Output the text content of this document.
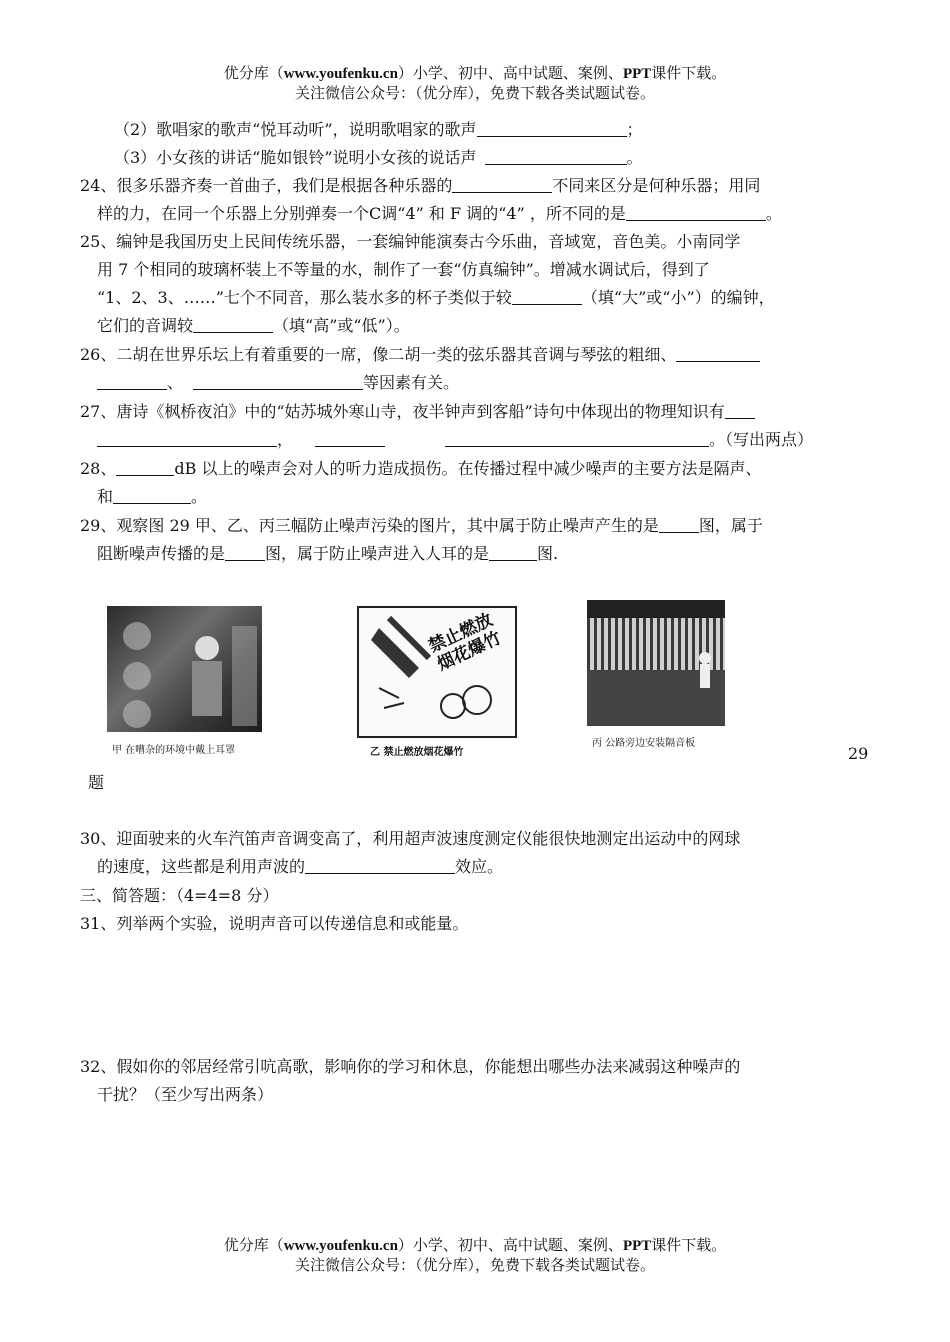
优分库（www.youfenku.cn）小学、初中、高中试题、案例、PPT课件下载。
关注微信公众号：（优分库），免费下载各类试题试卷。
（2）歌唱家的歌声“悦耳动听”，说明歌唱家的歌声	；
（3）小女孩的讲话“脆如银铃”说明小女孩的说话声	。
24、很多乐器齐奏一首曲子，我们是根据各种乐器的	不同来区分是何种乐器；用同
样的力，在同一个乐器上分别弹奏一个C调“4” 和 F 调的“4” ，所不同的是	。
25、编钟是我国历史上民间传统乐器，一套编钟能演奏古今乐曲，音域宽，音色美。小南同学
用 7 个相同的玻璃杯装上不等量的水，制作了一套“仿真编钟”。增减水调试后，得到了
“1、2、3、……”七个不同音，那么装水多的杯子类似于较	（填“大”或“小”）的编钟，
它们的音调较	（填“高”或“低”）。
26、二胡在世界乐坛上有着重要的一席，像二胡一类的弦乐器其音调与琴弦的粗细、
、	等因素有关。
27、唐诗《枫桥夜泊》中的“姑苏城外寒山寺，夜半钟声到客船”诗句中体现出的物理知识有
，	。（写出两点）
28、	dB 以上的噪声会对人的听力造成损伤。在传播过程中减少噪声的主要方法是隔声、
和	。
29、观察图 29 甲、乙、丙三幅防止噪声污染的图片，其中属于防止噪声产生的是	图，属于
阻断噪声传播的是	图，属于防止噪声进入人耳的是	图.
甲 在嘈杂的环境中戴上耳罩
禁止燃放烟花爆竹
乙 禁止燃放烟花爆竹
丙 公路旁边安装隔音板
29
题
30、迎面驶来的火车汽笛声音调变高了，利用超声波速度测定仪能很快地测定出运动中的网球
的速度，这些都是利用声波的	效应。
三、简答题：（4=4=8 分）
31、列举两个实验，说明声音可以传递信息和或能量。
32、假如你的邻居经常引吭高歌，影响你的学习和休息，你能想出哪些办法来减弱这种噪声的
干扰？（至少写出两条）
优分库（www.youfenku.cn）小学、初中、高中试题、案例、PPT课件下载。
关注微信公众号：（优分库），免费下载各类试题试卷。
